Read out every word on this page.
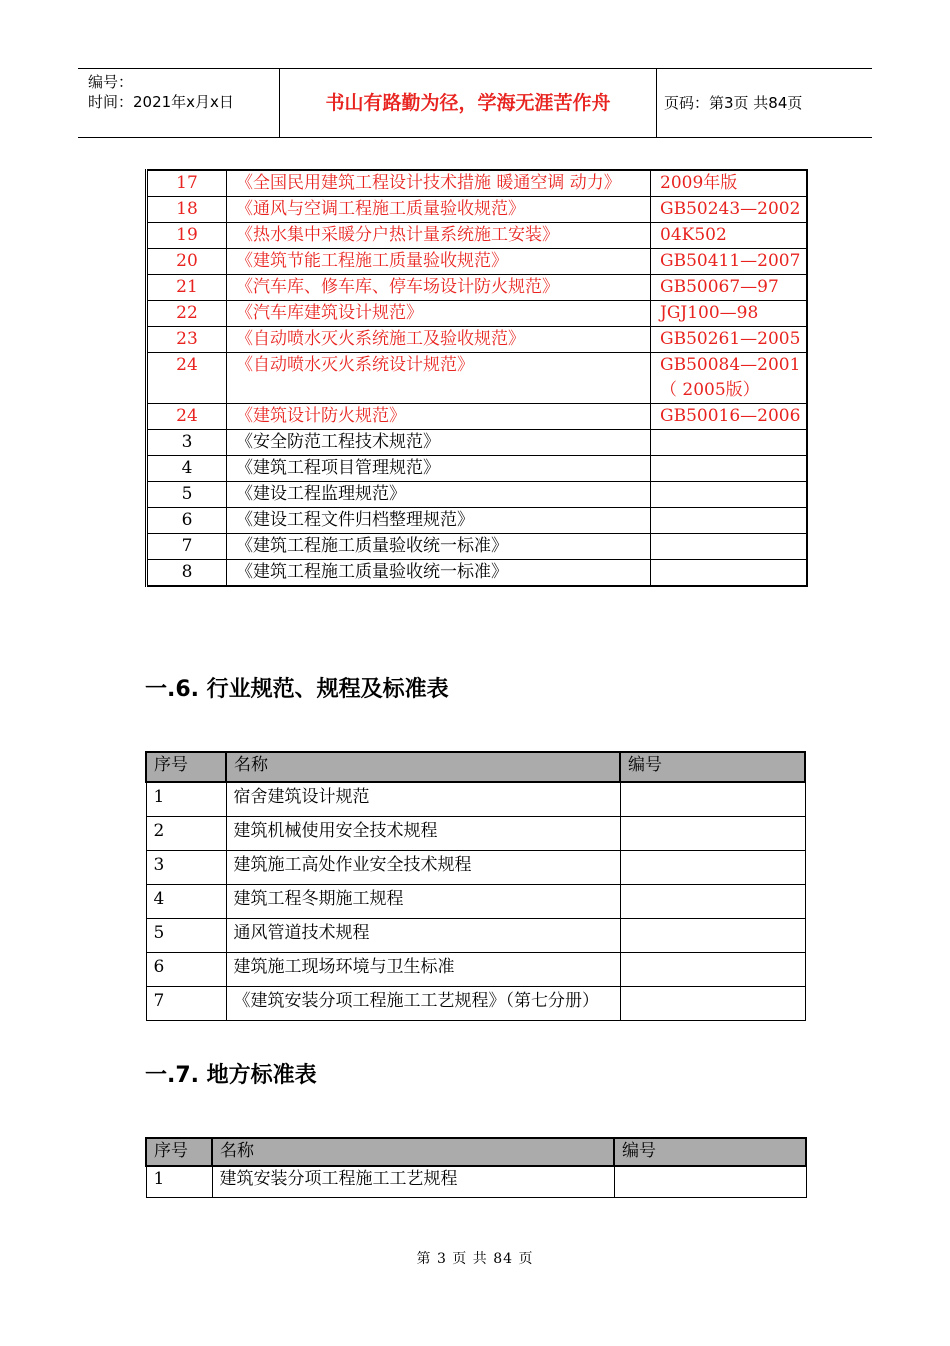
编号：
时间：2021年x月x日	书山有路勤为径，学海无涯苦作舟	页码：第3页 共84页
17	《全国民用建筑工程设计技术措施 暖通空调 动力》	2009年版
18	《通风与空调工程施工质量验收规范》	GB50243—2002
19	《热水集中采暖分户热计量系统施工安装》	04K502
20	《建筑节能工程施工质量验收规范》	GB50411—2007
21	《汽车库、修车库、停车场设计防火规范》	GB50067—97
22	《汽车库建筑设计规范》	JGJ100—98
23	《自动喷水灭火系统施工及验收规范》	GB50261—2005
24	《自动喷水灭火系统设计规范》	GB50084—2001 （ 2005版）
24	《建筑设计防火规范》	GB50016—2006
3	《安全防范工程技术规范》	
4	《建筑工程项目管理规范》	
5	《建设工程监理规范》	
6	《建设工程文件归档整理规范》	
7	《建筑工程施工质量验收统一标准》	
8	《建筑工程施工质量验收统一标准》	
一.6. 行业规范、规程及标准表
序号	名称	编号
1	宿舍建筑设计规范	
2	建筑机械使用安全技术规程	
3	建筑施工高处作业安全技术规程	
4	建筑工程冬期施工规程	
5	通风管道技术规程	
6	建筑施工现场环境与卫生标准	
7	《建筑安装分项工程施工工艺规程》（第七分册）	
一.7. 地方标准表
序号	名称	编号
1	建筑安装分项工程施工工艺规程	
第 3 页 共 84 页
